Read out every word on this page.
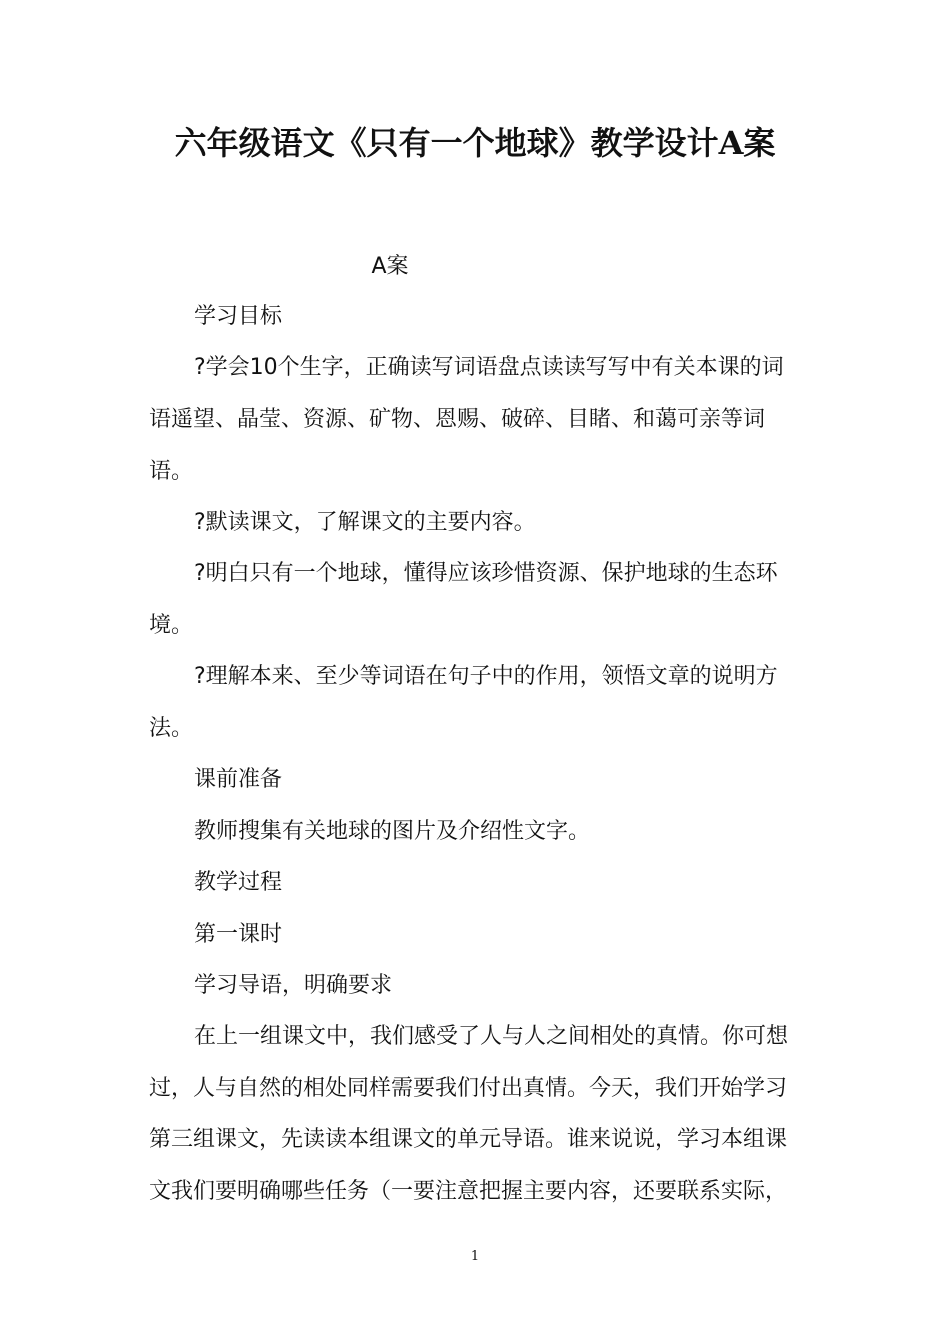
六年级语文《只有一个地球》教学设计A案
A案
学习目标
?学会10个生字，正确读写词语盘点读读写写中有关本课的词
语遥望、晶莹、资源、矿物、恩赐、破碎、目睹、和蔼可亲等词
语。
?默读课文，了解课文的主要内容。
?明白只有一个地球，懂得应该珍惜资源、保护地球的生态环
境。
?理解本来、至少等词语在句子中的作用，领悟文章的说明方
法。
课前准备
教师搜集有关地球的图片及介绍性文字。
教学过程
第一课时
学习导语，明确要求
在上一组课文中，我们感受了人与人之间相处的真情。你可想
过，人与自然的相处同样需要我们付出真情。今天，我们开始学习
第三组课文，先读读本组课文的单元导语。谁来说说，学习本组课
文我们要明确哪些任务（一要注意把握主要内容，还要联系实际，
1
